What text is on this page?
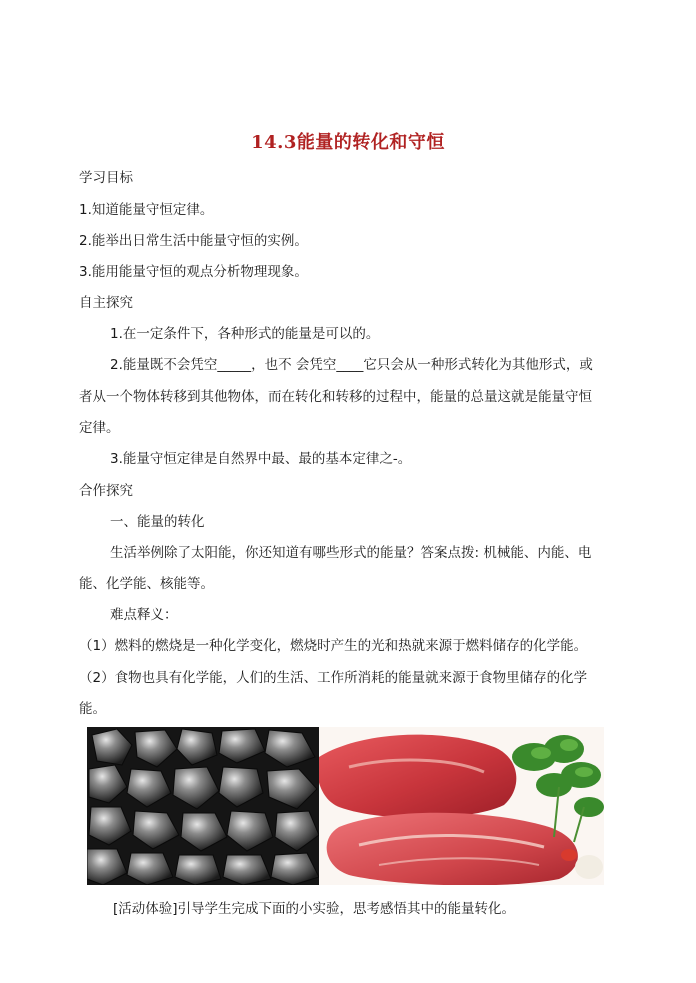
14.3能量的转化和守恒
学习目标
1.知道能量守恒定律。
2.能举出日常生活中能量守恒的实例。
3.能用能量守恒的观点分析物理现象。
自主探究
1.在一定条件下，各种形式的能量是可以的。
2.能量既不会凭空_____，也不 会凭空____它只会从一种形式转化为其他形式，或
者从一个物体转移到其他物体，而在转化和转移的过程中，能量的总量这就是能量守恒
定律。
3.能量守恒定律是自然界中最、最的基本定律之-。
合作探究
一、能量的转化
生活举例除了太阳能，你还知道有哪些形式的能量？答案点拨: 机械能、内能、电
能、化学能、核能等。
难点释义：
（1）燃料的燃烧是一种化学变化，燃烧时产生的光和热就来源于燃料储存的化学能。
（2）食物也具有化学能，人们的生活、工作所消耗的能量就来源于食物里储存的化学
能。
[活动体验]引导学生完成下面的小实验，思考感悟其中的能量转化。
